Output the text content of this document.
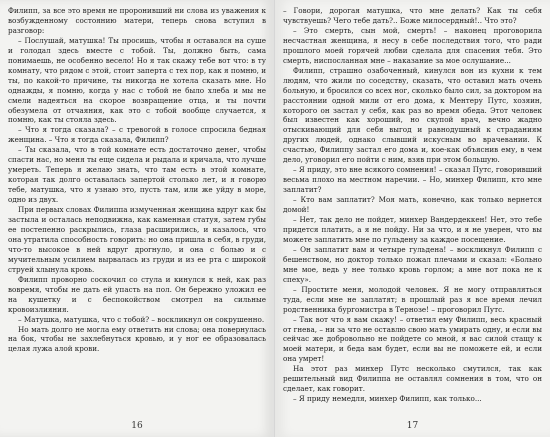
Филипп, за все это время не проронивший ни слова из уважения к возбужденному состоянию матери, теперь снова вступил в разговор:

– Послушай, матушка! Ты просишь, чтобы я оставался на суше и голодал здесь вместе с тобой. Ты, должно быть, сама понимаешь, не особенно весело! Но я так скажу тебе вот что: в ту комнату, что рядом с этой, стоит заперта с тех пор, как я помню, и ты, по какой-то причине, ты никогда не хотела сказать мне. Но однажды, я помню, когда у нас с тобой не было хлеба и мы не смели надеяться на скорое возвращение отца, и ты почти обезумела от отчаяния, как это с тобой вообще случается, я помню, как ты стояла здесь.

– Что я тогда сказала? – с тревогой в голосе спросила бедная женщина. – Что я тогда сказала, Филипп?

– Ты сказала, что в той комнате есть достаточно денег, чтобы спасти нас, но меня ты еще сидела и рыдала и кричала, что лучше умереть. Теперь я желаю знать, что там есть в этой комнате, которая так долго оставалась запертой столько лет, и я говорю тебе, матушка, что я узнаю это, пусть там, или же уйду в море, одно из двух.

При первых словах Филиппа измученная женщина вдруг как бы застыла и осталась неподвижна, как каменная статуя, затем губы ее постепенно раскрылись, глаза расширились, и казалось, что она утратила способность говорить: но она пришла в себя, в груди, что-то высокое в ней вдруг дрогнуло, и она с болью и с мучительным усилием вырвалась из груди и из ее рта с широкой струей хлынула кровь.

Филипп проворно соскочил со стула и кинулся к ней, как раз вовремя, чтобы не дать ей упасть на пол. Он бережно уложил ее на кушетку и с беспокойством смотрел на сильные кровоизлияния.

– Матушка, матушка, что с тобой? – воскликнул он сокрушенно.

Но мать долго не могла ему ответить ни слова; она повернулась на бок, чтобы не захлебнуться кровью, и у ног ее образовалась целая лужа алой крови.

16

– Говори, дорогая матушка, что мне делать? Как ты себя чувствуешь? Чего тебе дать?.. Боже милосердный!.. Что это?

– Это смерть, сын мой, смерть! – наконец проговорила несчастная женщина, я несу в себе последствия того, что ради прошлого моей горячей любви сделала для спасения тебя. Это смерть, ниспосланная мне – наказание за мое ослушание...

Филипп, страшно озабоченный, кинулся вон из кухни к тем людям, что жили по соседству, сказать, что оставил мать очень больную, и бросился со всех ног, сколько было сил, за доктором на расстоянии одной мили от его дома, к Ментеру Путс, хозяин, которого он застал у себя, как раз во время обеда. Этот человек был известен как хороший, но скупой врач, вечно жадно отыскивающий для себя выгод и равнодушный к страданиям других людей, однако слывший искусным во врачевании. К счастью, Филиппу застал его дома и, кое-как объяснив ему, в чем дело, уговорил его пойти с ним, взяв при этом большую.

– Я приду, это вне всякого сомнения! – сказал Путс, говоривший весьма плохо на местном наречии. – Но, минхер Филипп, кто мне заплатит?

– Кто вам заплатит? Моя мать, конечно, как только вернется домой!

– Нет, так дело не пойдет, минхер Вандердеккен! Нет, это тебе придется платить, а я не пойду. Ни за что, и я не уверен, что вы можете заплатить мне по гульдену за каждое посещение.

– Он заплатит вам и четыре гульдена! – воскликнул Филипп с бешенством, но доктор только пожал плечами и сказал: «Больно мне мое, ведь у нее только кровь горлом; а мне вот пока не к спеху».

– Простите меня, молодой человек. Я не могу отправляться туда, если мне не заплатят; в прошлый раз я все время лечил родственника бургомистра в Тернозе! – проговорил Путс.

– Так вот что я вам скажу! – ответил ему Филипп, весь красный от гнева, – ни за что не оставлю свою мать умирать одну, и если вы сейчас же добровольно не пойдете со мной, я вас силой стащу к моей матери, и беда вам будет, если вы не поможете ей, и если она умрет!

На этот раз минхер Путс несколько смутился, так как решительный вид Филиппа не оставлял сомнения в том, что он сделает, как говорит.

– Я приду немедля, минхер Филипп, как только...

17
